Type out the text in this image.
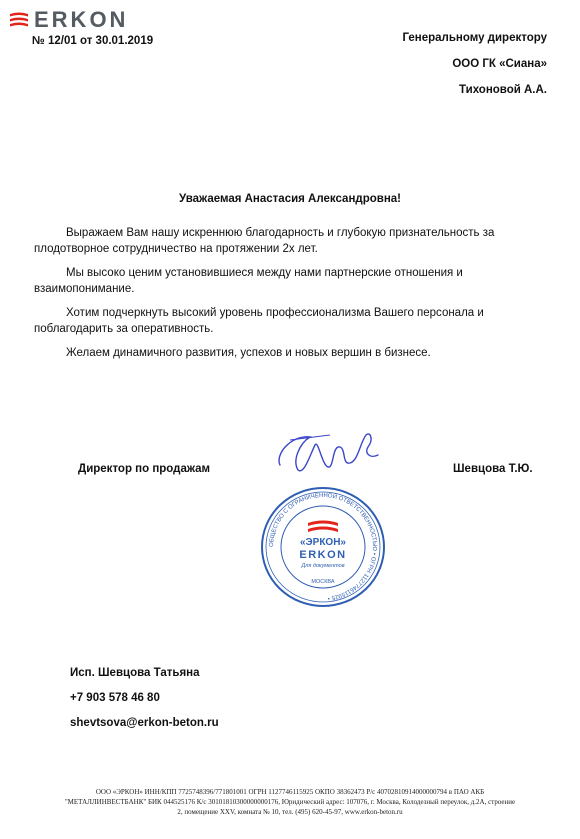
ERKON
№ 12/01 от 30.01.2019	Генеральному директору
ООО ГК «Сиана»
Тихоновой А.А.
Уважаемая Анастасия Александровна!

Выражаем Вам нашу искреннюю благодарность и глубокую признательность за плодотворное сотрудничество на протяжении 2х лет.

Мы высоко ценим установившиеся между нами партнерские отношения и взаимопонимание.

Хотим подчеркнуть высокий уровень профессионализма Вашего персонала и поблагодарить за оперативность.

Желаем динамичного развития, успехов и новых вершин в бизнесе.

Директор по продажам	Шевцова Т.Ю.
ОБЩЕСТВО С ОГРАНИЧЕННОЙ ОТВЕТСТВЕННОСТЬЮ • ОГРН 1127746115925 •
«ЭРКОН»
ERKON
Для документов
МОСКВА
Исп. Шевцова Татьяна
+7 903 578 46 80
shevtsova@erkon-beton.ru
ООО «ЭРКОН» ИНН/КПП 7725748396/771801001 ОГРН 1127746115925 ОКПО 38362473 Р/с 40702810914000000794 в ПАО АКБ
"МЕТАЛЛИНВЕСТБАНК" БИК 044525176 К/с 30101810300000000176, Юридический адрес: 107076, г. Москва, Колодезный переулок, д.2А, строение
2, помещение XXV, комната № 10, тел. (495) 620-45-97, www.erkon-beton.ru
